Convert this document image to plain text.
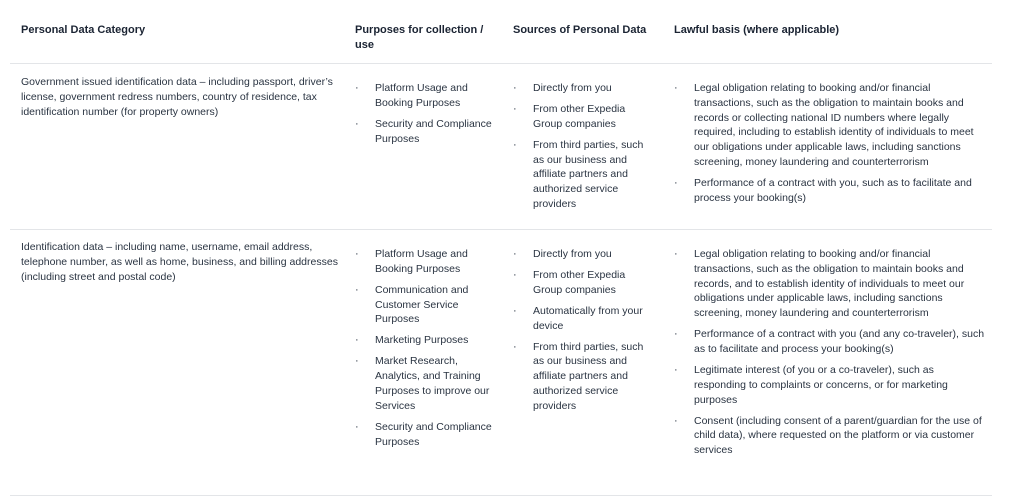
Personal Data Category	Purposes for collection / use
Sources of Personal Data	Lawful basis (where applicable)
Government issued identification data – including passport, driver’s license, government redress numbers, country of residence, tax identification number (for property owners)
· Platform Usage and Booking Purposes
· Security and Compliance Purposes
· Directly from you
· From other Expedia Group companies
· From third parties, such as our business and affiliate partners and authorized service providers
· Legal obligation relating to booking and/or financial transactions, such as the obligation to maintain books and records or collecting national ID numbers where legally required, including to establish identity of individuals to meet our obligations under applicable laws, including sanctions screening, money laundering and counterterrorism
· Performance of a contract with you, such as to facilitate and process your booking(s)
Identification data – including name, username, email address, telephone number, as well as home, business, and billing addresses (including street and postal code)
· Platform Usage and Booking Purposes
· Communication and Customer Service Purposes
· Marketing Purposes
· Market Research, Analytics, and Training Purposes to improve our Services
· Security and Compliance Purposes
· Directly from you
· From other Expedia Group companies
· Automatically from your device
· From third parties, such as our business and affiliate partners and authorized service providers
· Legal obligation relating to booking and/or financial transactions, such as the obligation to maintain books and records, and to establish identity of individuals to meet our obligations under applicable laws, including sanctions screening, money laundering and counterterrorism
· Performance of a contract with you (and any co-traveler), such as to facilitate and process your booking(s)
· Legitimate interest (of you or a co-traveler), such as responding to complaints or concerns, or for marketing purposes
· Consent (including consent of a parent/guardian for the use of child data), where requested on the platform or via customer services
